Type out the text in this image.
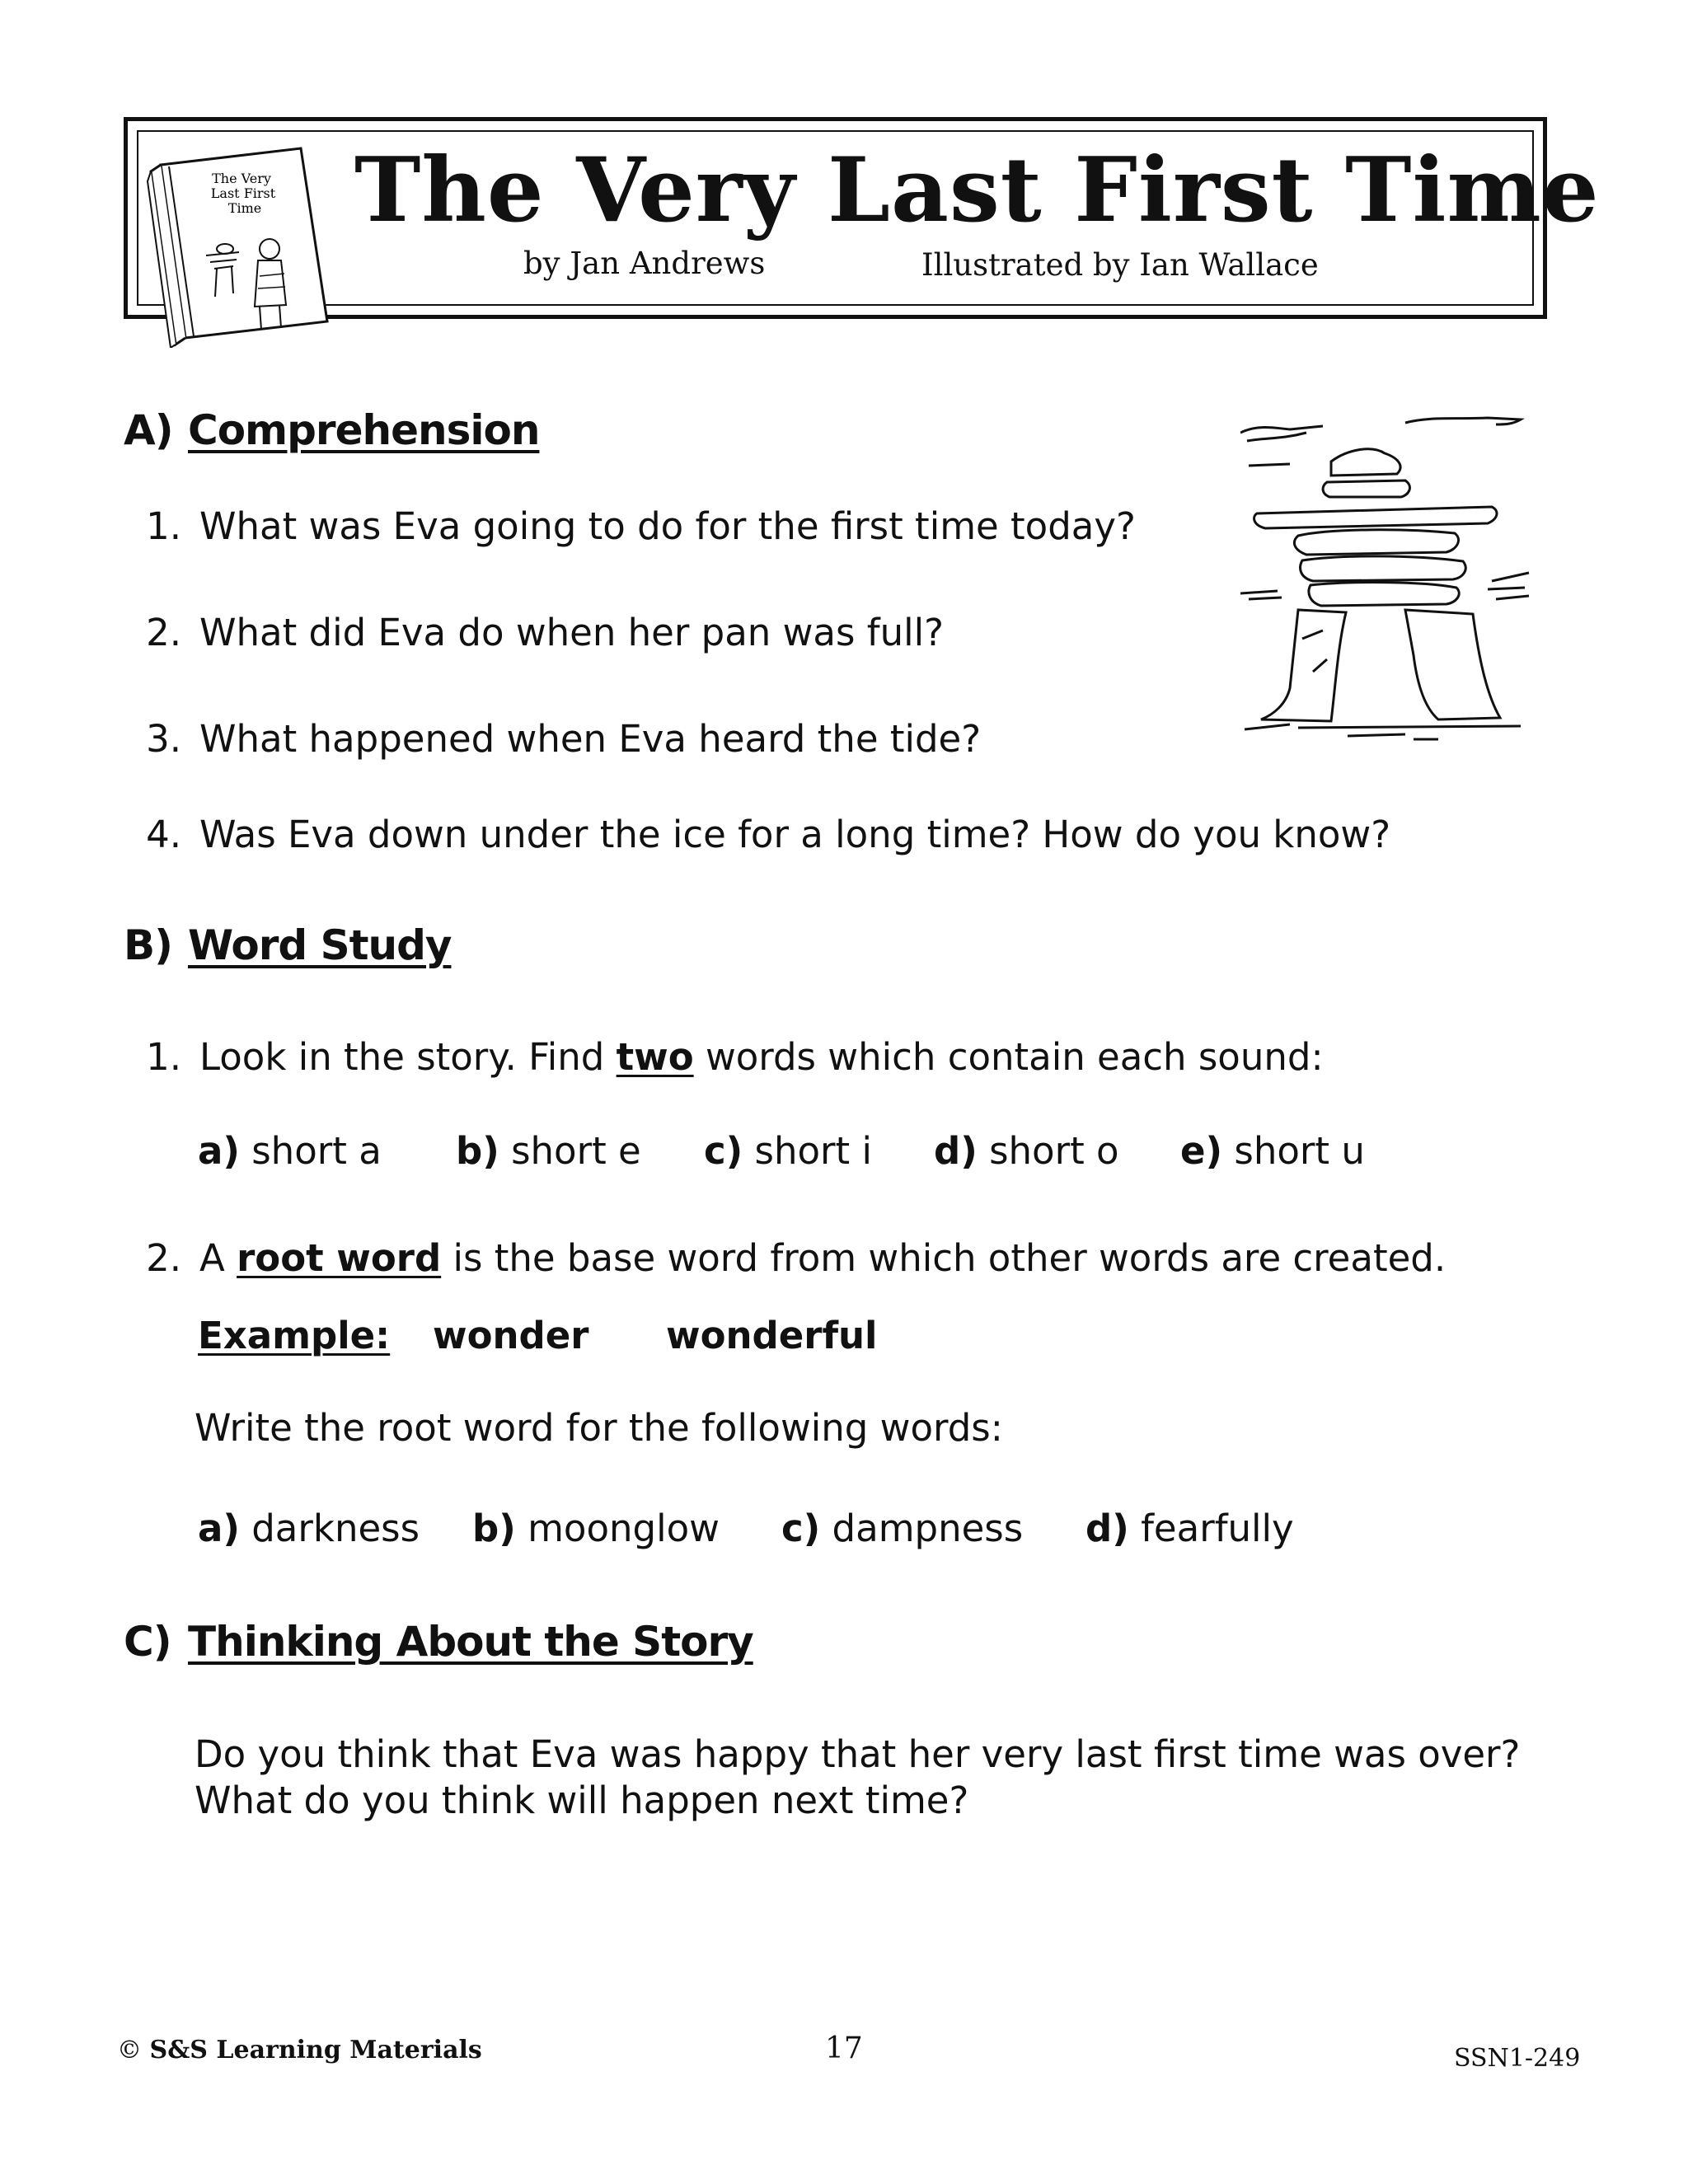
The Very
Last First
Time The Very Last First Time
by Jan Andrews	Illustrated by Ian Wallace
A) Comprehension
1. What was Eva going to do for the first time today?
2. What did Eva do when her pan was full?
3. What happened when Eva heard the tide?
4. Was Eva down under the ice for a long time? How do you know?
B) Word Study
1. Look in the story. Find two words which contain each sound:
a) short a b) short e c) short i d) short o e) short u
2. A root word is the base word from which other words are created.
Example: wonder wonderful
Write the root word for the following words:
a) darkness b) moonglow c) dampness d) fearfully
C) Thinking About the Story
Do you think that Eva was happy that her very last first time was over?
What do you think will happen next time?
© S&S Learning Materials	17	SSN1-249
